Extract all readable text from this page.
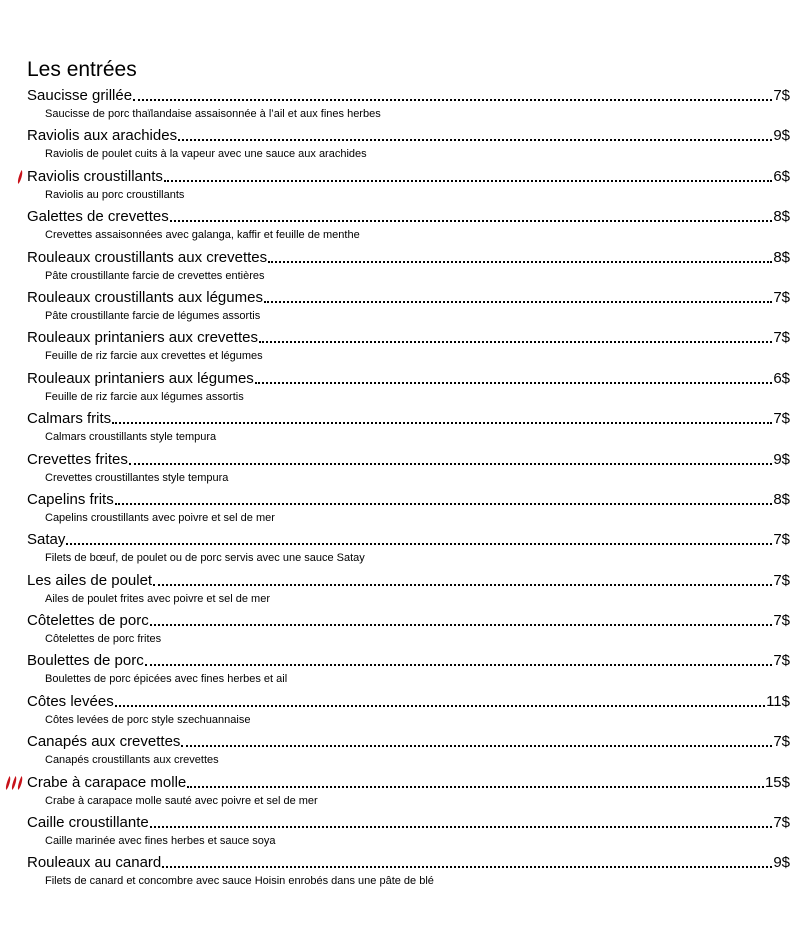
Les entrées
Saucisse grillée	7$
Saucisse de porc thaïlandaise assaisonnée à l’ail et aux fines herbes
Raviolis aux arachides	9$
Raviolis de poulet cuits à la vapeur avec une sauce aux arachides
Raviolis croustillants	6$
Raviolis au porc croustillants
Galettes de crevettes	8$
Crevettes assaisonnées avec galanga, kaffir et feuille de menthe
Rouleaux croustillants aux crevettes	8$
Pâte croustillante farcie de crevettes entières
Rouleaux croustillants aux légumes	7$
Pâte croustillante farcie de légumes assortis
Rouleaux printaniers aux crevettes	7$
Feuille de riz farcie aux crevettes et légumes
Rouleaux printaniers aux légumes	6$
Feuille de riz farcie aux légumes assortis
Calmars frits	7$
Calmars croustillants style tempura
Crevettes frites	9$
Crevettes croustillantes style tempura
Capelins frits	8$
Capelins croustillants avec poivre et sel de mer
Satay	7$
Filets de bœuf, de poulet ou de porc servis avec une sauce Satay
Les ailes de poulet	7$
Ailes de poulet frites avec poivre et sel de mer
Côtelettes de porc	7$
Côtelettes de porc frites
Boulettes de porc	7$
Boulettes de porc épicées avec fines herbes et ail
Côtes levées	11$
Côtes levées de porc style szechuannaise
Canapés aux crevettes	7$
Canapés croustillants aux crevettes
Crabe à carapace molle	15$
Crabe à carapace molle sauté avec poivre et sel de mer
Caille croustillante	7$
Caille marinée avec fines herbes et sauce soya
Rouleaux au canard	9$
Filets de canard et concombre avec sauce Hoisin enrobés dans une pâte de blé
